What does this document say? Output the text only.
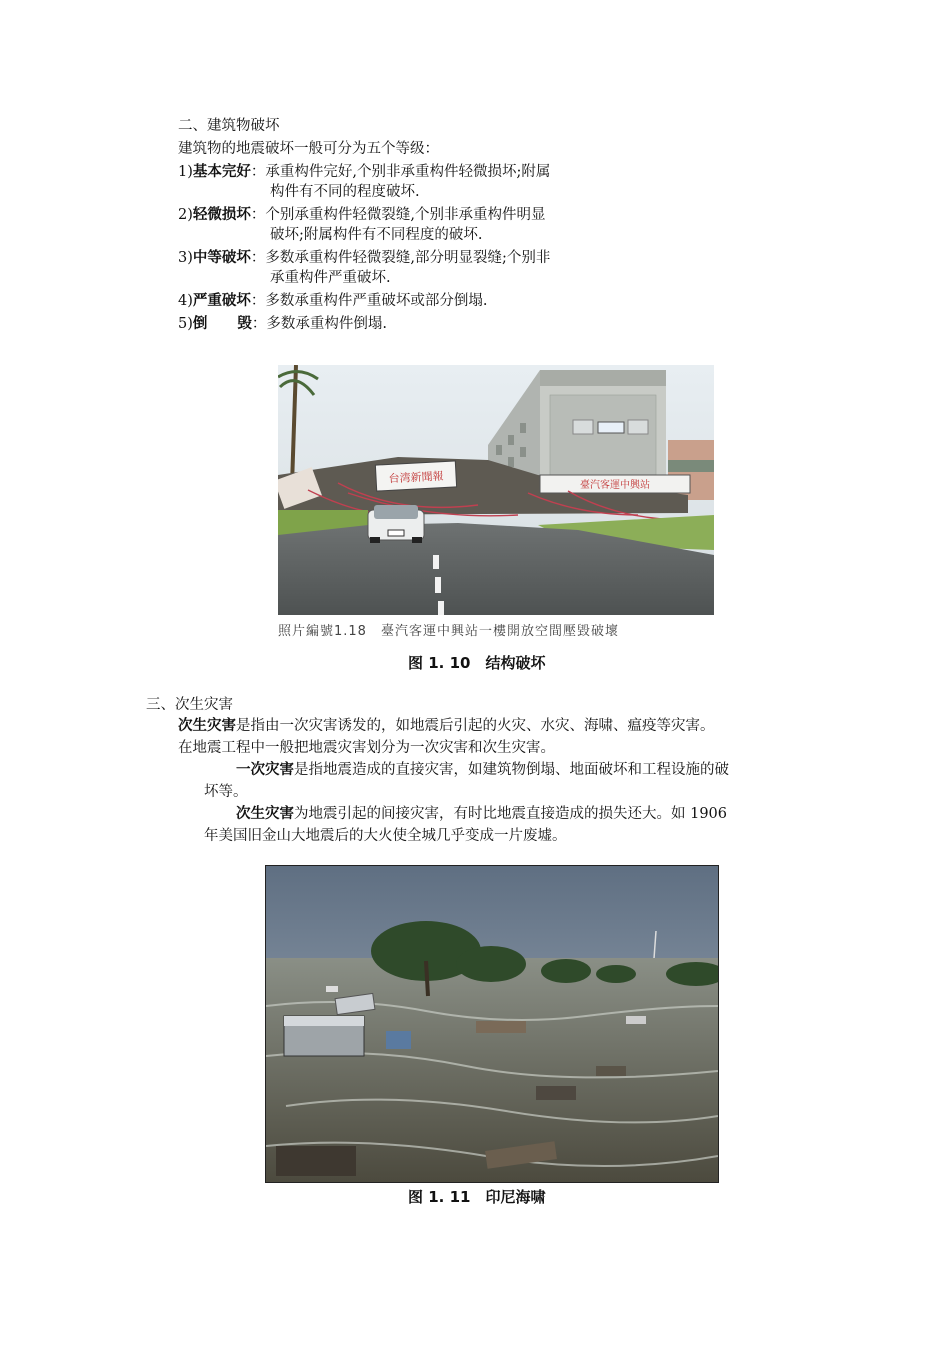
二、建筑物破坏
建筑物的地震破坏一般可分为五个等级：
1)基本完好：承重构件完好,个别非承重构件轻微损坏;附属
构件有不同的程度破坏.
2)轻微损坏：个别承重构件轻微裂缝,个别非承重构件明显
破坏;附属构件有不同程度的破坏.
3)中等破坏：多数承重构件轻微裂缝,部分明显裂缝;个别非
承重构件严重破坏.
4)严重破坏：多数承重构件严重破坏或部分倒塌.
5)倒 毁：多数承重构件倒塌.
台湾新聞報
臺汽客運中興站
照片編號1.18　臺汽客運中興站一樓開放空間壓毀破壞
图 1. 10　结构破坏
三、次生灾害
次生灾害是指由一次灾害诱发的，如地震后引起的火灾、水灾、海啸、瘟疫等灾害。
在地震工程中一般把地震灾害划分为一次灾害和次生灾害。
一次灾害是指地震造成的直接灾害，如建筑物倒塌、地面破坏和工程设施的破
坏等。
次生灾害为地震引起的间接灾害，有时比地震直接造成的损失还大。如 1906
年美国旧金山大地震后的大火使全城几乎变成一片废墟。
图 1. 11　印尼海啸
